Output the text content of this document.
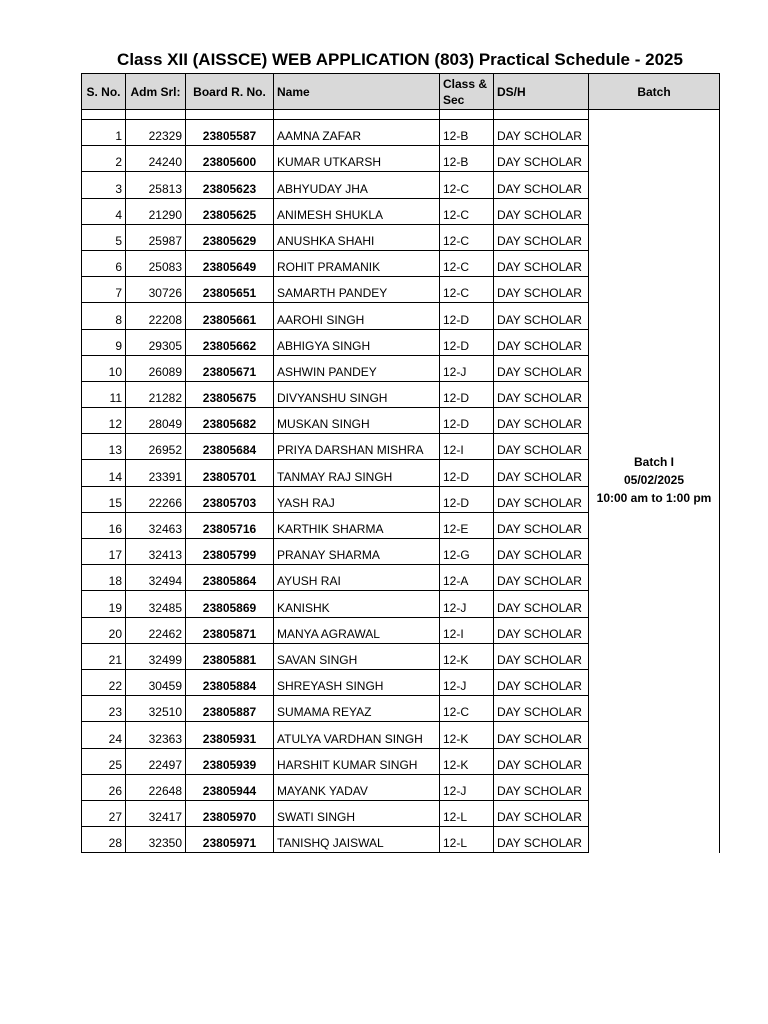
Class XII (AISSCE) WEB APPLICATION (803) Practical Schedule - 2025
S. No.	Adm Srl:	Board R. No.	Name	Class &
Sec	DS/H	Batch
						Batch I
05/02/2025
10:00 am to 1:00 pm
1	22329	23805587	AAMNA ZAFAR	12-B	DAY SCHOLAR	
2	24240	23805600	KUMAR UTKARSH	12-B	DAY SCHOLAR	
3	25813	23805623	ABHYUDAY JHA	12-C	DAY SCHOLAR	
4	21290	23805625	ANIMESH SHUKLA	12-C	DAY SCHOLAR	
5	25987	23805629	ANUSHKA SHAHI	12-C	DAY SCHOLAR	
6	25083	23805649	ROHIT PRAMANIK	12-C	DAY SCHOLAR	
7	30726	23805651	SAMARTH PANDEY	12-C	DAY SCHOLAR	
8	22208	23805661	AAROHI SINGH	12-D	DAY SCHOLAR	
9	29305	23805662	ABHIGYA SINGH	12-D	DAY SCHOLAR	
10	26089	23805671	ASHWIN PANDEY	12-J	DAY SCHOLAR	
11	21282	23805675	DIVYANSHU SINGH	12-D	DAY SCHOLAR	
12	28049	23805682	MUSKAN SINGH	12-D	DAY SCHOLAR	
13	26952	23805684	PRIYA DARSHAN MISHRA	12-I	DAY SCHOLAR	
14	23391	23805701	TANMAY RAJ SINGH	12-D	DAY SCHOLAR	
15	22266	23805703	YASH RAJ	12-D	DAY SCHOLAR	
16	32463	23805716	KARTHIK SHARMA	12-E	DAY SCHOLAR	
17	32413	23805799	PRANAY SHARMA	12-G	DAY SCHOLAR	
18	32494	23805864	AYUSH RAI	12-A	DAY SCHOLAR	
19	32485	23805869	KANISHK	12-J	DAY SCHOLAR	
20	22462	23805871	MANYA AGRAWAL	12-I	DAY SCHOLAR	
21	32499	23805881	SAVAN SINGH	12-K	DAY SCHOLAR	
22	30459	23805884	SHREYASH SINGH	12-J	DAY SCHOLAR	
23	32510	23805887	SUMAMA REYAZ	12-C	DAY SCHOLAR	
24	32363	23805931	ATULYA VARDHAN SINGH	12-K	DAY SCHOLAR	
25	22497	23805939	HARSHIT KUMAR SINGH	12-K	DAY SCHOLAR	
26	22648	23805944	MAYANK YADAV	12-J	DAY SCHOLAR	
27	32417	23805970	SWATI SINGH	12-L	DAY SCHOLAR	
28	32350	23805971	TANISHQ JAISWAL	12-L	DAY SCHOLAR	
